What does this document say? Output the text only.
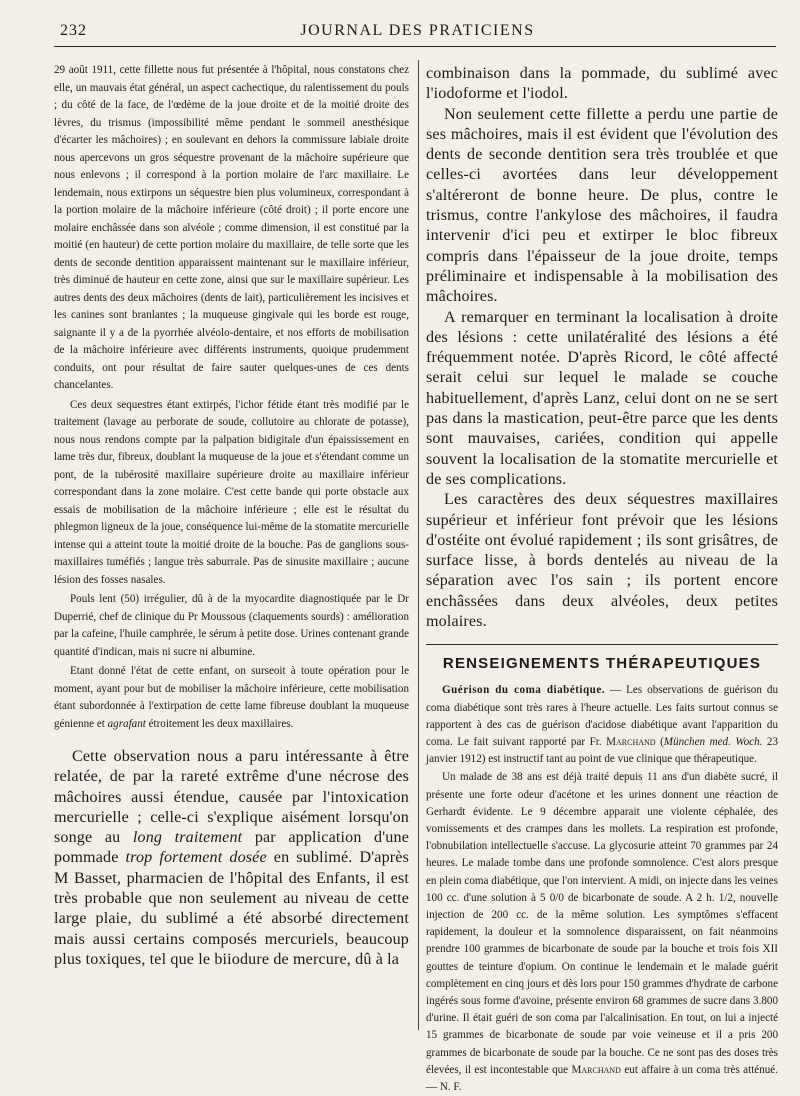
232	JOURNAL DES PRATICIENS

29 août 1911, cette fillette nous fut présentée à l'hôpital, nous constatons chez elle, un mauvais état général, un aspect cachectique, du ralentissement du pouls ; du côté de la face, de l'œdème de la joue droite et de la moitié droite des lèvres, du trismus (impossibilité même pendant le sommeil anesthésique d'écarter les mâchoires) ; en soulevant en dehors la commissure labiale droite nous apercevons un gros séquestre provenant de la mâchoire supérieure que nous enlevons ; il correspond à la portion molaire de l'arc maxillaire. Le lendemain, nous extirpons un séquestre bien plus volumineux, correspondant à la portion molaire de la mâchoire inférieure (côté droit) ; il porte encore une molaire enchâssée dans son alvéole ; comme dimension, il est constitué par la moitié (en hauteur) de cette portion molaire du maxillaire, de telle sorte que les dents de seconde dentition apparaissent maintenant sur le maxillaire inférieur, très diminué de hauteur en cette zone, ainsi que sur le maxillaire supérieur. Les autres dents des deux mâchoires (dents de lait), particulièrement les incisives et les canines sont branlantes ; la muqueuse gingivale qui les borde est rouge, saignante il y a de la pyorrhée alvéolo-dentaire, et nos efforts de mobilisation de la mâchoire inférieure avec différents instruments, quoique prudemment conduits, ont pour résultat de faire sauter quelques-unes de ces dents chancelantes.

Ces deux sequestres étant extirpés, l'ichor fétide étant très modifié par le traitement (lavage au perborate de soude, collutoire au chlorate de potasse), nous nous rendons compte par la palpation bidigitale d'un épaississement en lame très dur, fibreux, doublant la muqueuse de la joue et s'étendant comme un pont, de la tubérosité maxillaire supérieure droite au maxillaire inférieur correspondant dans la zone molaire. C'est cette bande qui porte obstacle aux essais de mobilisation de la mâchoire inférieure ; elle est le résultat du phlegmon ligneux de la joue, conséquence lui-même de la stomatite mercurielle intense qui a atteint toute la moitié droite de la bouche. Pas de ganglions sous-maxillaires tuméfiés ; langue très saburrale. Pas de sinusite maxillaire ; aucune lésion des fosses nasales.

Pouls lent (50) irrégulier, dû à de la myocardite diagnostiquée par le Dr Duperrié, chef de clinique du Pr Moussous (claquements sourds) : amélioration par la cafeine, l'huile camphrée, le sérum à petite dose. Urines contenant grande quantité d'indican, mais ni sucre ni albumine.

Etant donné l'état de cette enfant, on surseoit à toute opération pour le moment, ayant pour but de mobiliser la mâchoire inférieure, cette mobilisation étant subordonnée à l'extirpation de cette lame fibreuse doublant la muqueuse génienne et agrafant étroitement les deux maxillaires.

Cette observation nous a paru intéressante à être relatée, de par la rareté extrême d'une nécrose des mâchoires aussi étendue, causée par l'intoxication mercurielle ; celle-ci s'explique aisément lorsqu'on songe au long traitement par application d'une pommade trop fortement dosée en sublimé. D'après M Basset, pharmacien de l'hôpital des Enfants, il est très probable que non seulement au niveau de cette large plaie, du sublimé a été absorbé directement mais aussi certains composés mercuriels, beaucoup plus toxiques, tel que le biiodure de mercure, dû à la

combinaison dans la pommade, du sublimé avec l'iodoforme et l'iodol.

Non seulement cette fillette a perdu une partie de ses mâchoires, mais il est évident que l'évolution des dents de seconde dentition sera très troublée et que celles-ci avortées dans leur développement s'altéreront de bonne heure. De plus, contre le trismus, contre l'ankylose des mâchoires, il faudra intervenir d'ici peu et extirper le bloc fibreux compris dans l'épaisseur de la joue droite, temps préliminaire et indispensable à la mobilisation des mâchoires.

A remarquer en terminant la localisation à droite des lésions : cette unilatéralité des lésions a été fréquemment notée. D'après Ricord, le côté affecté serait celui sur lequel le malade se couche habituellement, d'après Lanz, celui dont on ne se sert pas dans la mastication, peut-être parce que les dents sont mauvaises, cariées, condition qui appelle souvent la localisation de la stomatite mercurielle et de ses complications.

Les caractères des deux séquestres maxillaires supérieur et inférieur font prévoir que les lésions d'ostéite ont évolué rapidement ; ils sont grisâtres, de surface lisse, à bords dentelés au niveau de la séparation avec l'os sain ; ils portent encore enchâssées dans deux alvéoles, deux petites molaires.

RENSEIGNEMENTS THÉRAPEUTIQUES

Guérison du coma diabétique. — Les observations de guérison du coma diabétique sont très rares à l'heure actuelle. Les faits surtout connus se rapportent à des cas de guérison d'acidose diabétique avant l'apparition du coma. Le fait suivant rapporté par Fr. Marchand (München med. Woch. 23 janvier 1912) est instructif tant au point de vue clinique que thérapeutique.

Un malade de 38 ans est déjà traité depuis 11 ans d'un diabète sucré, il présente une forte odeur d'acétone et les urines donnent une réaction de Gerhardt évidente. Le 9 décembre apparait une violente céphalée, des vomissements et des crampes dans les mollets. La respiration est profonde, l'obnubilation intellectuelle s'accuse. La glycosurie atteint 70 grammes par 24 heures. Le malade tombe dans une profonde somnolence. C'est alors presque en plein coma diabétique, que l'on intervient. A midi, on injecte dans les veines 100 cc. d'une solution à 5 0/0 de bicarbonate de soude. A 2 h. 1/2, nouvelle injection de 200 cc. de la même solution. Les symptômes s'effacent rapidement, la douleur et la somnolence disparaissent, on fait néanmoins prendre 100 grammes de bicarbonate de soude par la bouche et trois fois XII gouttes de teinture d'opium. On continue le lendemain et le malade guérit complètement en cinq jours et dès lors pour 150 grammes d'hydrate de carbone ingérés sous forme d'avoine, présente environ 68 grammes de sucre dans 3.800 d'urine. Il était guéri de son coma par l'alcalinisation. En tout, on lui a injecté 15 grammes de bicarbonate de soude par voie veineuse et il a pris 200 grammes de bicarbonate de soude par la bouche. Ce ne sont pas des doses très élevées, il est incontestable que Marchand eut affaire à un coma très atténué. — N. F.
